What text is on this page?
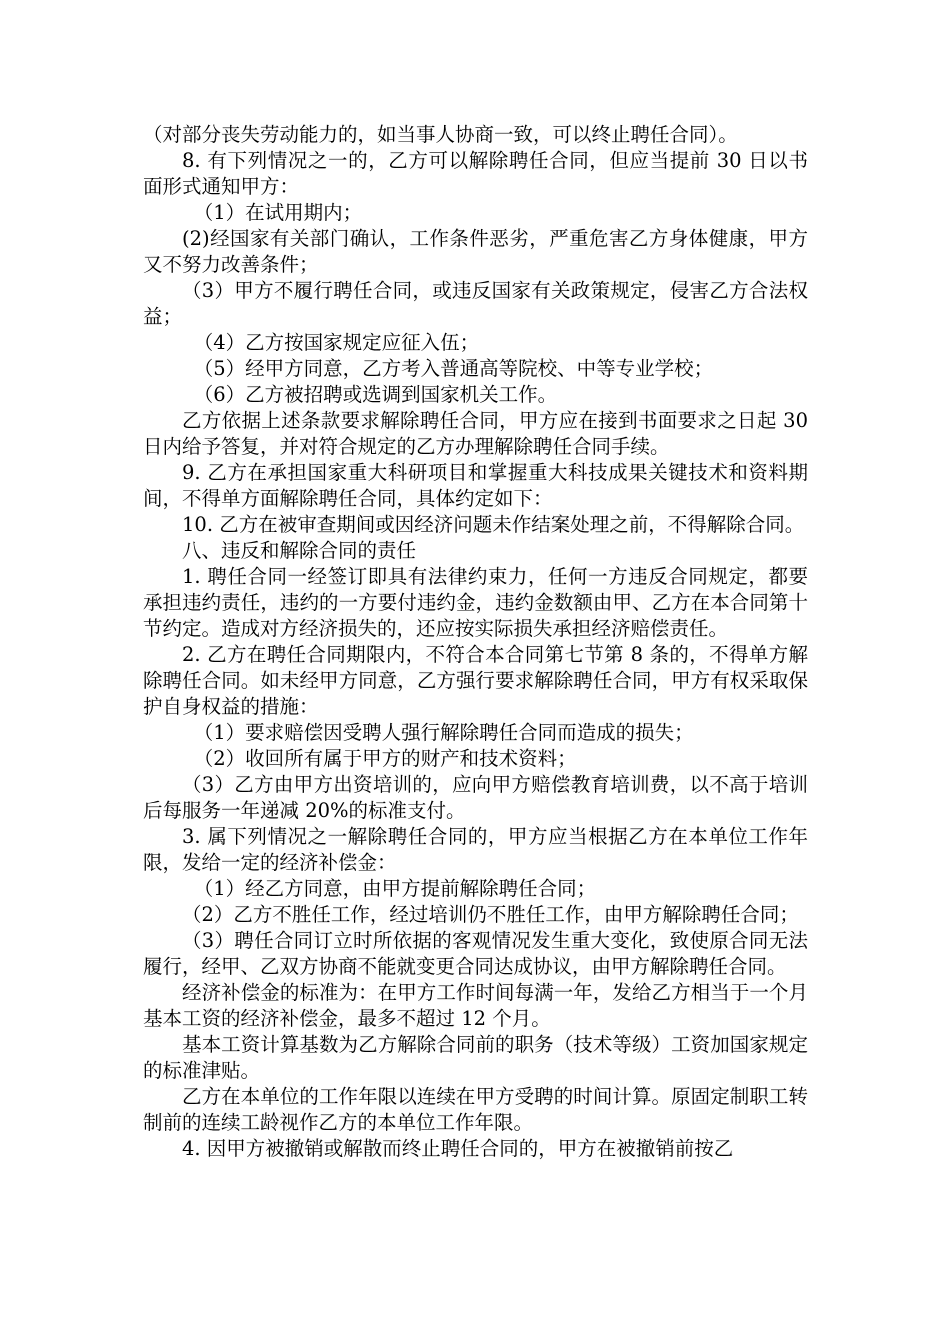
（对部分丧失劳动能力的，如当事人协商一致，可以终止聘任合同）。

8. 有下列情况之一的，乙方可以解除聘任合同，但应当提前 30 日以书面形式通知甲方：

（1）在试用期内；

(2)经国家有关部门确认，工作条件恶劣，严重危害乙方身体健康，甲方又不努力改善条件；

（3）甲方不履行聘任合同，或违反国家有关政策规定，侵害乙方合法权益；

（4）乙方按国家规定应征入伍；

（5）经甲方同意，乙方考入普通高等院校、中等专业学校；

（6）乙方被招聘或选调到国家机关工作。

乙方依据上述条款要求解除聘任合同，甲方应在接到书面要求之日起 30 日内给予答复，并对符合规定的乙方办理解除聘任合同手续。

9. 乙方在承担国家重大科研项目和掌握重大科技成果关键技术和资料期间，不得单方面解除聘任合同，具体约定如下：

10. 乙方在被审查期间或因经济问题未作结案处理之前，不得解除合同。

八、违反和解除合同的责任

1. 聘任合同一经签订即具有法律约束力，任何一方违反合同规定，都要承担违约责任，违约的一方要付违约金，违约金数额由甲、乙方在本合同第十节约定。造成对方经济损失的，还应按实际损失承担经济赔偿责任。

2. 乙方在聘任合同期限内，不符合本合同第七节第 8 条的，不得单方解除聘任合同。如未经甲方同意，乙方强行要求解除聘任合同，甲方有权采取保护自身权益的措施：

（1）要求赔偿因受聘人强行解除聘任合同而造成的损失；

（2）收回所有属于甲方的财产和技术资料；

（3）乙方由甲方出资培训的，应向甲方赔偿教育培训费，以不高于培训后每服务一年递减 20%的标准支付。

3. 属下列情况之一解除聘任合同的，甲方应当根据乙方在本单位工作年限，发给一定的经济补偿金：

（1）经乙方同意，由甲方提前解除聘任合同；

（2）乙方不胜任工作，经过培训仍不胜任工作，由甲方解除聘任合同；

（3）聘任合同订立时所依据的客观情况发生重大变化，致使原合同无法履行，经甲、乙双方协商不能就变更合同达成协议，由甲方解除聘任合同。

经济补偿金的标准为：在甲方工作时间每满一年，发给乙方相当于一个月基本工资的经济补偿金，最多不超过 12 个月。

基本工资计算基数为乙方解除合同前的职务（技术等级）工资加国家规定的标准津贴。

乙方在本单位的工作年限以连续在甲方受聘的时间计算。原固定制职工转制前的连续工龄视作乙方的本单位工作年限。

4. 因甲方被撤销或解散而终止聘任合同的，甲方在被撤销前按乙
